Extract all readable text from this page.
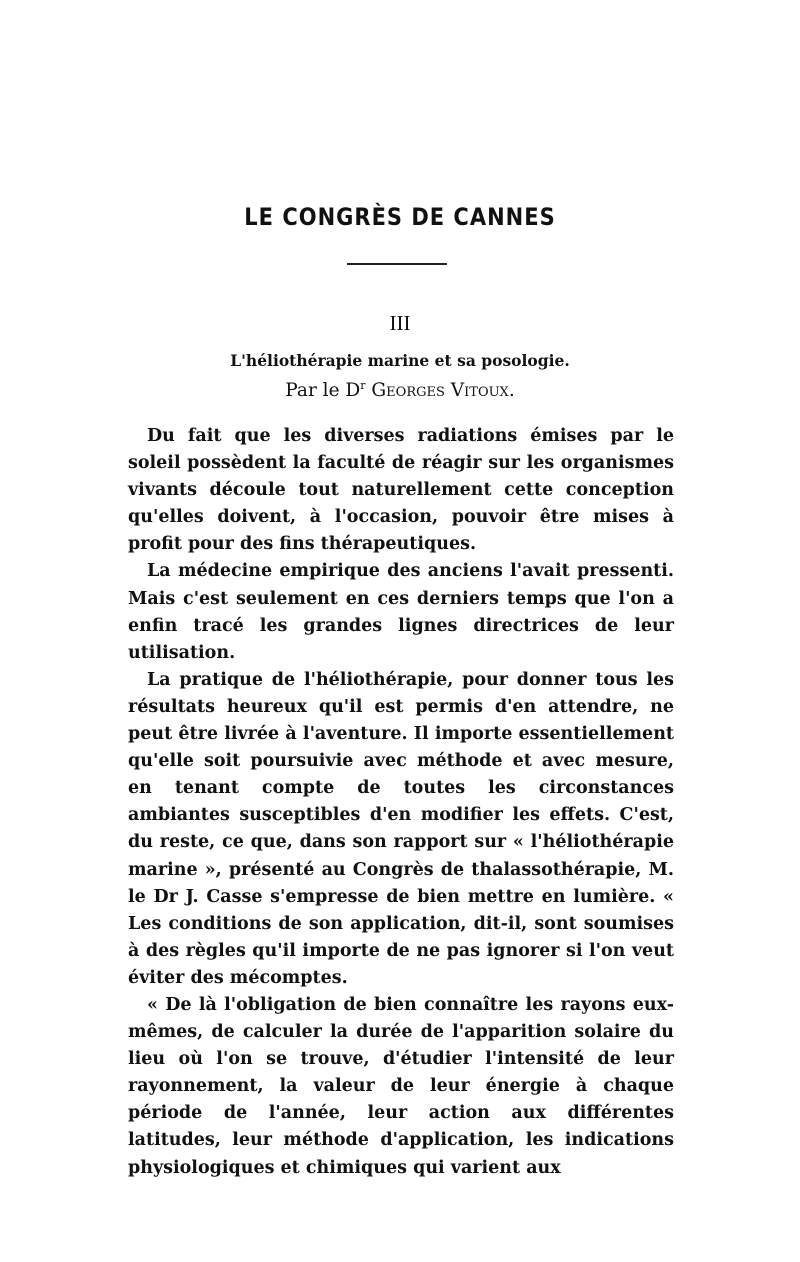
LE CONGRÈS DE CANNES
III
L'héliothérapie marine et sa posologie.
Par le $D^r$ Georges Vitoux.

Du fait que les diverses radiations émises par le soleil possèdent la faculté de réagir sur les organismes vivants découle tout naturellement cette conception qu'elles doivent, à l'occasion, pouvoir être mises à profit pour des fins thérapeutiques.

La médecine empirique des anciens l'avait pressenti. Mais c'est seulement en ces derniers temps que l'on a enfin tracé les grandes lignes directrices de leur utilisation.

La pratique de l'héliothérapie, pour donner tous les résultats heureux qu'il est permis d'en attendre, ne peut être livrée à l'aventure. Il importe essentiellement qu'elle soit poursuivie avec méthode et avec mesure, en tenant compte de toutes les circonstances ambiantes susceptibles d'en modifier les effets. C'est, du reste, ce que, dans son rapport sur « l'héliothérapie marine », présenté au Congrès de thalassothérapie, M. le Dr J. Casse s'empresse de bien mettre en lumière. « Les conditions de son application, dit-il, sont soumises à des règles qu'il importe de ne pas ignorer si l'on veut éviter des mécomptes.

« De là l'obligation de bien connaître les rayons eux-mêmes, de calculer la durée de l'apparition solaire du lieu où l'on se trouve, d'étudier l'intensité de leur rayonnement, la valeur de leur énergie à chaque période de l'année, leur action aux différentes latitudes, leur méthode d'application, les indications physiologiques et chimiques qui varient aux
